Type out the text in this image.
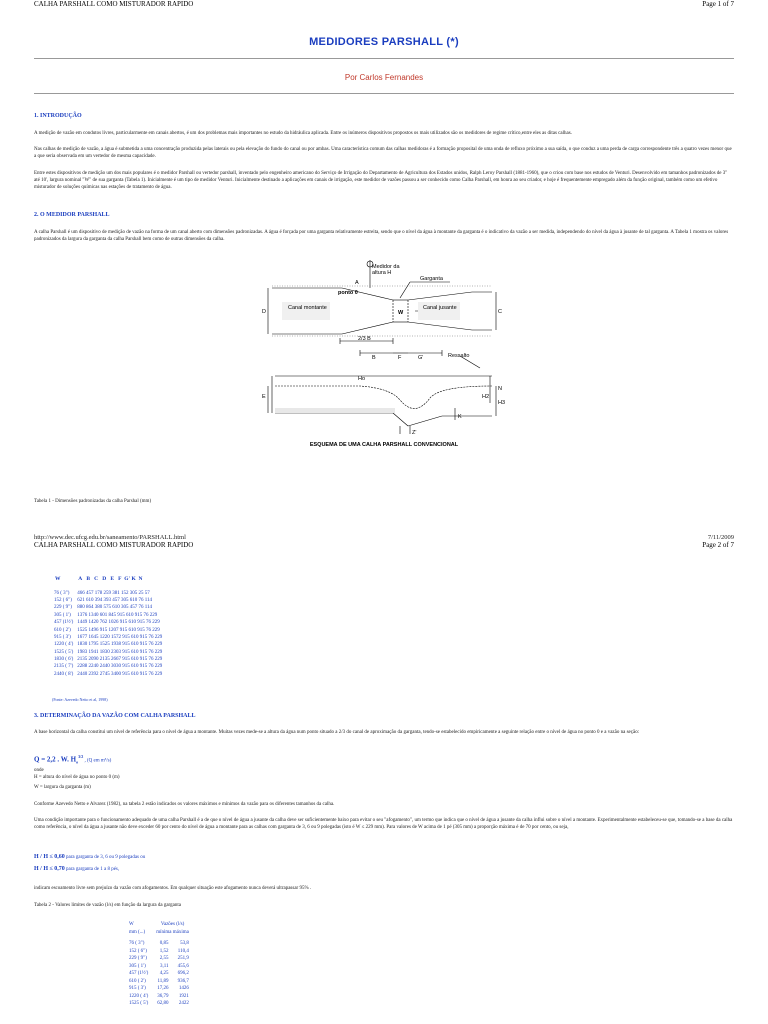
CALHA PARSHALL COMO MISTURADOR RAPIDO	Page 1 of 7
MEDIDORES PARSHALL (*)
Por Carlos Fernandes
1. INTRODUÇÃO
A medição de vazão em condutos livres, particularmente em canais abertos, é um dos problemas mais importantes no estudo da hidráulica aplicada. Entre os inúmeros dispositivos propostos os mais utilizados são os medidores de regime crítico,entre eles as ditas calhas.
Nas calhas de medição de vazão, a água é submetida a uma concentração produzida pelas laterais ou pela elevação do fundo do canal ou por ambas. Uma característica comum das calhas medidoras é a formação proposital de uma onda de refluxo próximo a sua saída, o que conduz a uma perda de carga correspondente três a quatro vezes menor que a que seria observada em um vertedor de mesma capacidade.
Entre estes dispositivos de medição um dos mais populares é o medidor Parshall ou vertedor parshall, inventado pelo engenheiro americano do Serviço de Irrigação do Departamento de Agricultura dos Estados unidos, Ralph Leroy Parshall (1881-1960), que o criou com base nos estudos de Venturi. Desenvolvido em tamanhos padronizados de 3" até 10', largura nominal "W" de sua garganta (Tabela 1). Inicialmente é um tipo de medidor Venturi. Inicialmente destinado a aplicações em canais de irrigação, este medidor de vazões passou a ser conhecido como Calha Parshall, em honra ao seu criador, e hoje é frequentemente empregado além da função original, também como um efetivo misturador de soluções químicas nas estações de tratamento de água.
2. O MEDIDOR PARSHALL
A calha Parshall é um dispositivo de medição de vazão na forma de um canal aberto com dimensões padronizadas. A água é forçada por uma garganta relativamente estreita, sendo que o nível da água à montante da garganta é o indicativo da vazão a ser medida, independendo do nível da água à jusante de tal garganta. A Tabela 1 mostra os valores padronizados da largura da garganta da calha Parshall bem como de outras dimensões da calha.
Medidor da
altura H
Garganta
ponto 0
A
Canal montante	Canal jusante
D	C
W
2/3 B
B	F	G'	Ressalto
E
Ho
N
H2
H3
K
Z'
ESQUEMA DE UMA CALHA PARSHALL CONVENCIONAL
Tabela 1 - Dimensões padronizadas da calha Parshal (mm)
http://www.dec.ufcg.edu.br/saneamento/PARSHALL.html	7/11/2009
CALHA PARSHALL COMO MISTURADOR RAPIDO	Page 2 of 7
W	A B C D E F G' K N

76 ( 3")	466 457 178 259 381 152 305 25 57
152 ( 6")	621 610 394 393 457 305 610 76 114
229 ( 9")	880 864 380 575 610 305 457 76 114
305 ( 1')	1376 1340 601 845 915 610 915 76 229
457 (1½')	1449 1420 762 1026 915 610 915 76 229
610 ( 2')	1525 1496 915 1207 915 610 915 76 229
915 ( 3')	1677 1645 1220 1572 915 610 915 76 229
1220 ( 4')	1830 1795 1525 1938 915 610 915 76 229
1525 ( 5')	1983 1941 1830 2303 915 610 915 76 229
1830 ( 6')	2135 2090 2135 2667 915 610 915 76 229
2135 ( 7')	2288 2240 2440 3030 915 610 915 76 229
2440 ( 8')	2440 2392 2745 3400 915 610 915 76 229
(Fonte: Azevedo Netto et al, 1998)
3. DETERMINAÇÃO DA VAZÃO COM CALHA PARSHALL
A base horizontal da calha constitui um nível de referência para o nível de água a montante. Muitas vezes mede-se a altura da água num ponto situado a 2/3 do canal de aproximação da garganta, tendo-se estabelecido empiricamente a seguinte relação entre o nível de água no ponto 0 e a vazão na seção:
Q = 2,2 . W. $H_o^{3/2}$ , (Q em m³/s)
onde
H = altura do nível de água no ponto 0 (m)
W = largura da garganta (m)
Conforme Azevedo Netto e Alvarez (1982), na tabela 2 estão indicados os valores máximos e mínimos da vazão para os diferentes tamanhos da calha.
Uma condição importante para o funcionamento adequado de uma calha Parshall é a de que o nível de água a jusante da calha deve ser suficientemente baixo para evitar o seu "afogamento", um termo que indica que o nível de água a jusante da calha influi sobre o nível a montante. Experimentalmente estabeleceu-se que, tomando-se a base da calha como referência, o nível da água a jusante não deve exceder 60 por cento do nível de água a montante para as calhas com garganta de 3, 6 ou 9 polegadas (isto é W ≤ 229 mm). Para valores de W acima de 1 pé (305 mm) a proporção máxima é de 70 por cento, ou seja,
H / H ≤ 0,60 para garganta de 3, 6 ou 9 polegadas ou
H / H ≤ 0,70 para garganta de 1 a 8 pés,
indicam escoamento livre sem prejuízo da vazão com afogamentos. Em qualquer situação este afogamento nunca deverá ultrapassar 95% .
Tabela 2 - Valores limites de vazão (l/s) em função da largura da garganta
W	Vazões (l/s)	
mm (...)	mínima máxima	

76 ( 3")	0,85	53,8
152 ( 6")	1,52	110,4
229 ( 9")	2,55	251,9
305 ( 1')	3,11	455,6
457 (1½')	4,25	696,2
610 ( 2')	11,89	936,7
915 ( 3')	17,26	1426
1220 ( 4')	36,79	1921
1525 ( 5')	62,80	2422
